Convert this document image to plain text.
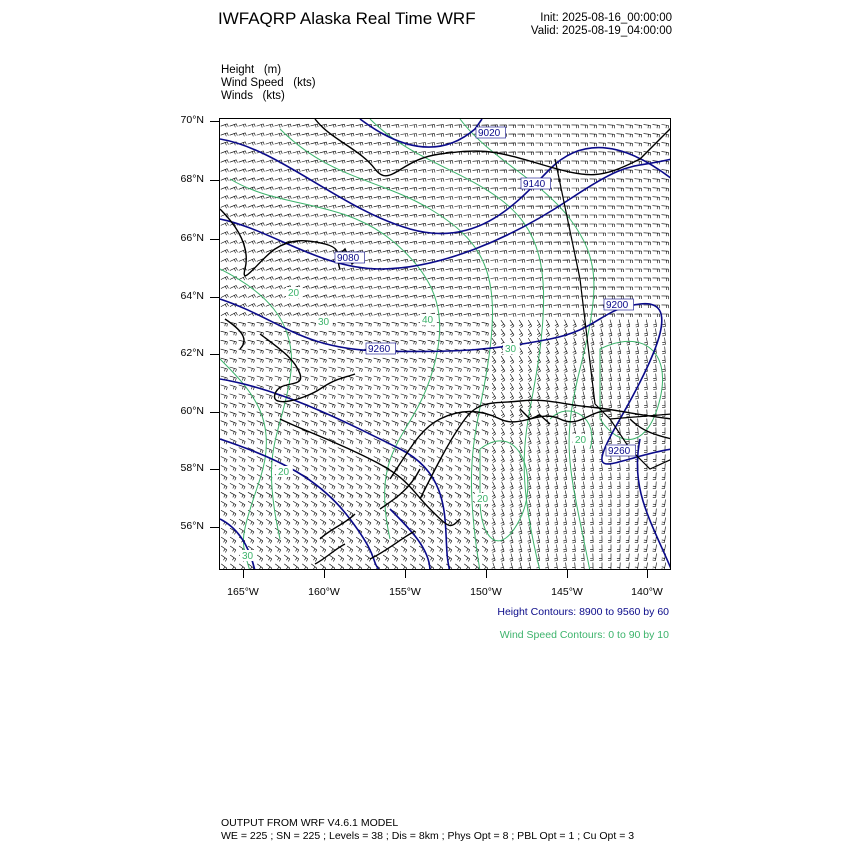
IWFAQRP Alaska Real Time WRF	Init: 2025-08-16_00:00:00
Valid: 2025-08-19_04:00:00
Height   (m)
Wind Speed   (kts)
Winds   (kts)
9020
9140
9080
9260
9200
9260
20
30	40
30
20
20
20
30
70°N
68°N
66°N
64°N
62°N
60°N
58°N
56°N
165°W	160°W	155°W	150°W	145°W	140°W
Height Contours: 8900 to 9560 by 60
Wind Speed Contours: 0 to 90 by 10
OUTPUT FROM WRF V4.6.1 MODEL
WE = 225 ; SN = 225 ; Levels = 38 ; Dis = 8km ; Phys Opt = 8 ; PBL Opt = 1 ; Cu Opt = 3
